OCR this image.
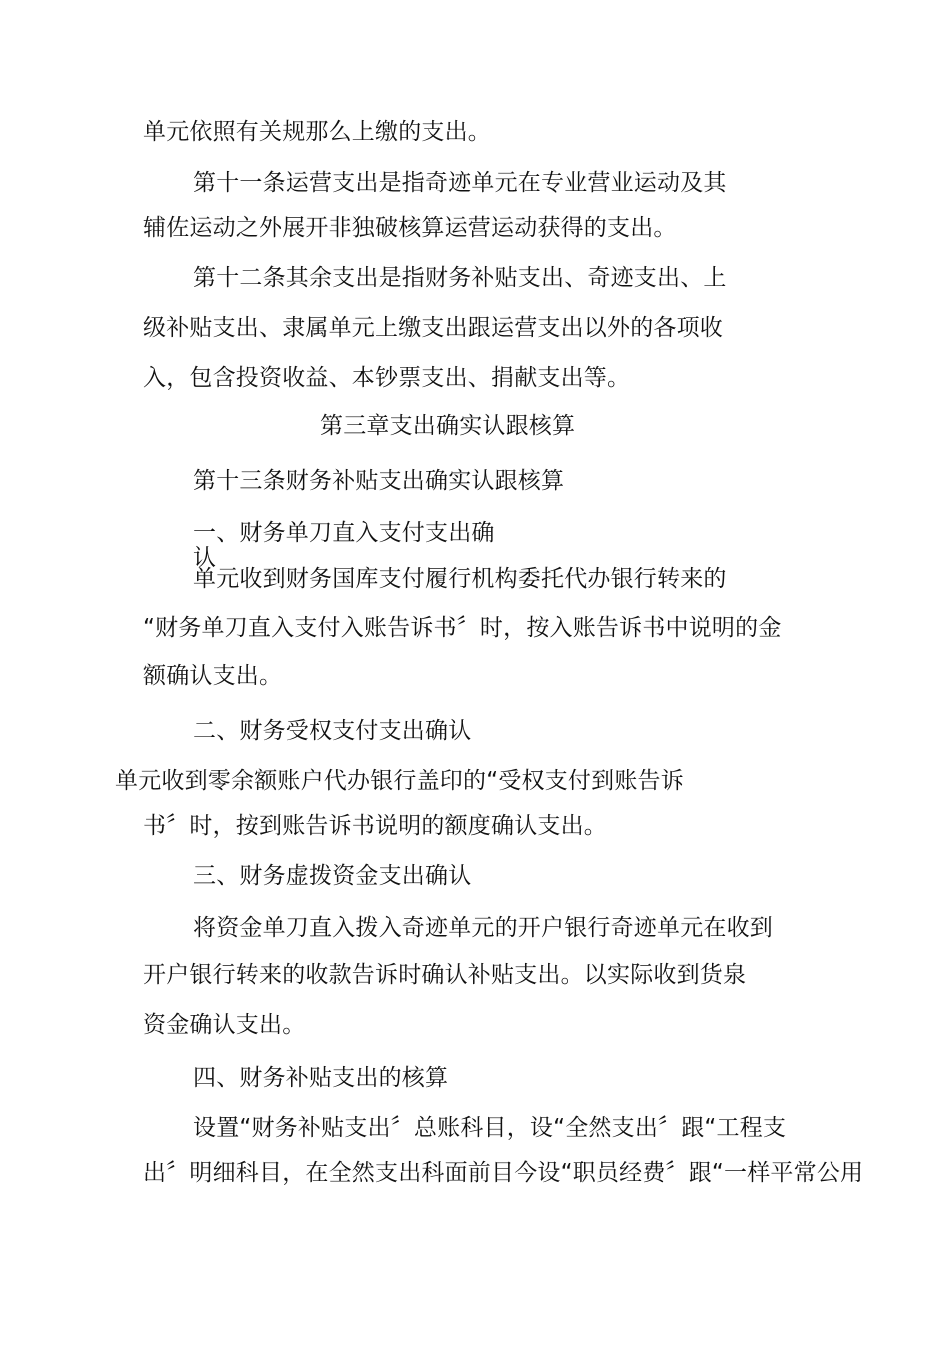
单元依照有关规那么上缴的支出。
第十一条运营支出是指奇迹单元在专业营业运动及其
辅佐运动之外展开非独破核算运营运动获得的支出。
第十二条其余支出是指财务补贴支出、奇迹支出、上
级补贴支出、隶属单元上缴支出跟运营支出以外的各项收
入，包含投资收益、本钞票支出、捐献支出等。
第三章支出确实认跟核算
第十三条财务补贴支出确实认跟核算
一、财务单刀直入支付支出确
认
单元收到财务国库支付履行机构委托代办银行转来的
“财务单刀直入支付入账告诉书〞时，按入账告诉书中说明的金
额确认支出。
二、财务受权支付支出确认
单元收到零余额账户代办银行盖印的“受权支付到账告诉
书〞时，按到账告诉书说明的额度确认支出。
三、财务虚拨资金支出确认
将资金单刀直入拨入奇迹单元的开户银行奇迹单元在收到
开户银行转来的收款告诉时确认补贴支出。以实际收到货泉
资金确认支出。
四、财务补贴支出的核算
设置“财务补贴支出〞总账科目，设“全然支出〞跟“工程支
出〞明细科目，在全然支出科面前目今设“职员经费〞跟“一样平常公用
